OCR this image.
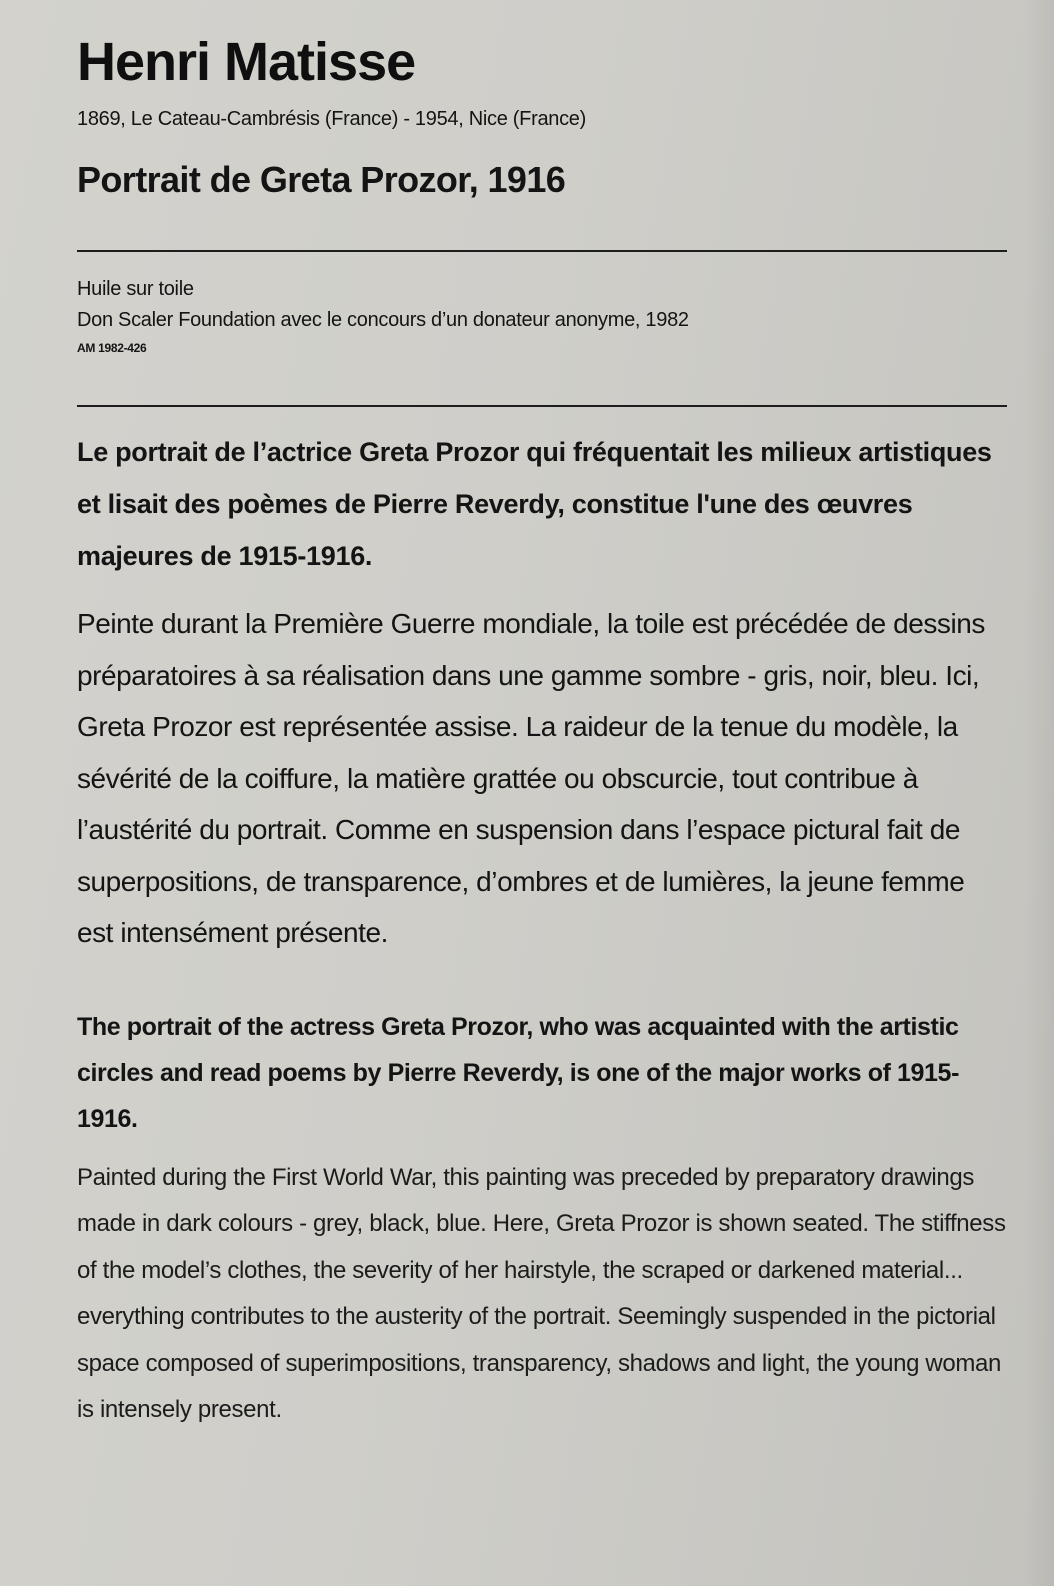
Henri Matisse
1869, Le Cateau-Cambrésis (France) - 1954, Nice (France)
Portrait de Greta Prozor, 1916
Huile sur toile
Don Scaler Foundation avec le concours d’un donateur anonyme, 1982
AM 1982-426

Le portrait de l’actrice Greta Prozor qui fréquentait les milieux artistiques et lisait des poèmes de Pierre Reverdy, constitue l'une des œuvres majeures de 1915-1916.

Peinte durant la Première Guerre mondiale, la toile est précédée de dessins préparatoires à sa réalisation dans une gamme sombre - gris, noir, bleu. Ici, Greta Prozor est représentée assise. La raideur de la tenue du modèle, la sévérité de la coiffure, la matière grattée ou obscurcie, tout contribue à l’austérité du portrait. Comme en suspension dans l’espace pictural fait de superpositions, de transparence, d’ombres et de lumières, la jeune femme est intensément présente.

The portrait of the actress Greta Prozor, who was acquainted with the artistic circles and read poems by Pierre Reverdy, is one of the major works of 1915-1916.

Painted during the First World War, this painting was preceded by preparatory drawings made in dark colours - grey, black, blue. Here, Greta Prozor is shown seated. The stiffness of the model’s clothes, the severity of her hairstyle, the scraped or darkened material... everything contributes to the austerity of the portrait. Seemingly suspended in the pictorial space composed of superimpositions, transparency, shadows and light, the young woman is intensely present.
